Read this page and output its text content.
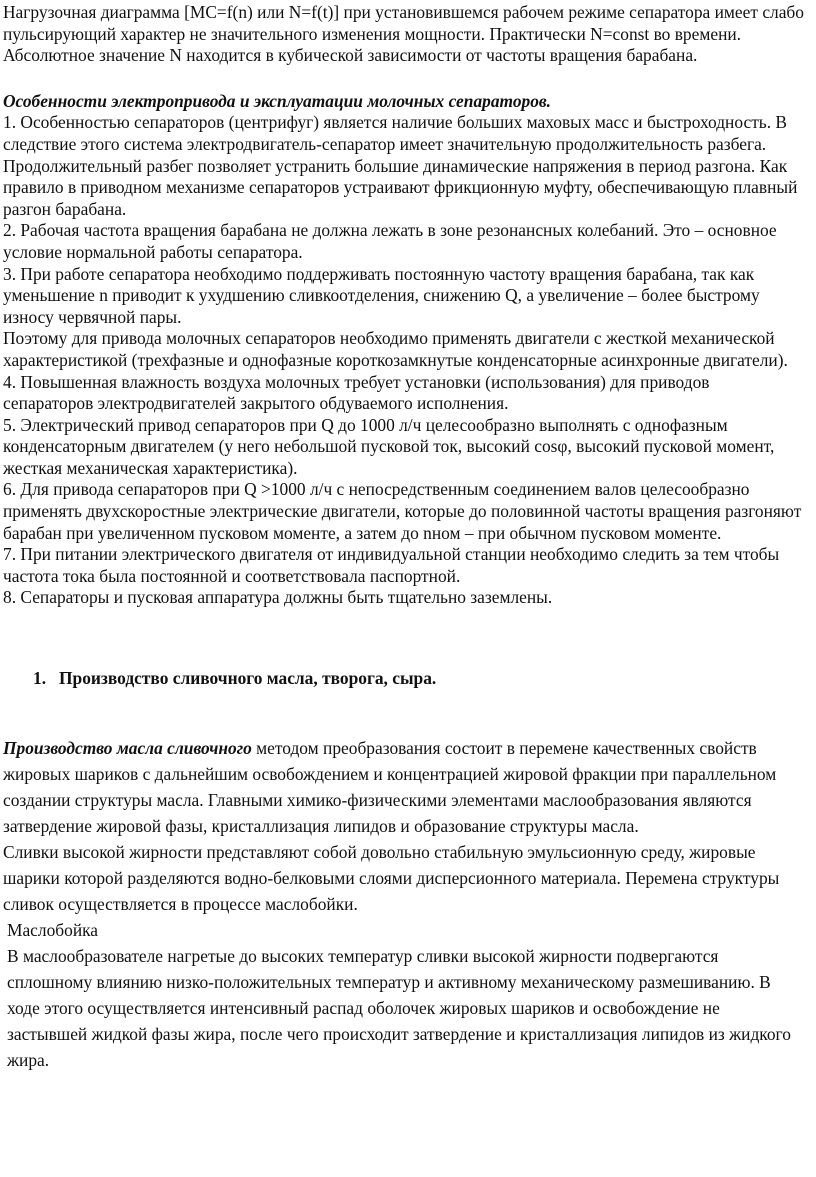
Нагрузочная диаграмма [МС=f(n) или N=f(t)] при установившемся рабочем режиме сепаратора имеет слабо пульсирующий характер не значительного изменения мощности. Практически N=const во времени. Абсолютное значение N находится в кубической зависимости от частоты вращения барабана.

Особенности электропривода и эксплуатации молочных сепараторов.

1. Особенностью сепараторов (центрифуг) является наличие больших маховых масс и быстроходность. В следствие этого система электродвигатель-сепаратор имеет значительную продолжительность разбега. Продолжительный разбег позволяет устранить большие динамические напряжения в период разгона. Как правило в приводном механизме сепараторов устраивают фрикционную муфту, обеспечивающую плавный разгон барабана.

2. Рабочая частота вращения барабана не должна лежать в зоне резонансных колебаний. Это – основное условие нормальной работы сепаратора.

3. При работе сепаратора необходимо поддерживать постоянную частоту вращения барабана, так как уменьшение n приводит к ухудшению сливкоотделения, снижению Q, а увеличение – более быстрому износу червячной пары.

Поэтому для привода молочных сепараторов необходимо применять двигатели с жесткой механической характеристикой (трехфазные и однофазные короткозамкнутые конденсаторные асинхронные двигатели).

4. Повышенная влажность воздуха молочных требует установки (использования) для приводов сепараторов электродвигателей закрытого обдуваемого исполнения.

5. Электрический привод сепараторов при Q до 1000 л/ч целесообразно выполнять с однофазным конденсаторным двигателем (у него небольшой пусковой ток, высокий cosφ, высокий пусковой момент, жесткая механическая характеристика).

6. Для привода сепараторов при Q >1000 л/ч с непосредственным соединением валов целесообразно применять двухскоростные электрические двигатели, которые до половинной частоты вращения разгоняют барабан при увеличенном пусковом моменте, а затем до nном – при обычном пусковом моменте.

7. При питании электрического двигателя от индивидуальной станции необходимо следить за тем чтобы частота тока была постоянной и соответствовала паспортной.

8. Сепараторы и пусковая аппаратура должны быть тщательно заземлены.

1. Производство сливочного масла, творога, сыра.

Производство масла сливочного методом преобразования состоит в перемене качественных свойств жировых шариков с дальнейшим освобождением и концентрацией жировой фракции при параллельном создании структуры масла. Главными химико-физическими элементами маслообразования являются затвердение жировой фазы, кристаллизация липидов и образование структуры масла.

Сливки высокой жирности представляют собой довольно стабильную эмульсионную среду, жировые шарики которой разделяются водно-белковыми слоями дисперсионного материала. Перемена структуры сливок осуществляется в процессе маслобойки.

Маслобойка

В маслообразователе нагретые до высоких температур сливки высокой жирности подвергаются сплошному влиянию низко-положительных температур и активному механическому размешиванию. В ходе этого осуществляется интенсивный распад оболочек жировых шариков и освобождение не застывшей жидкой фазы жира, после чего происходит затвердение и кристаллизация липидов из жидкого жира.
